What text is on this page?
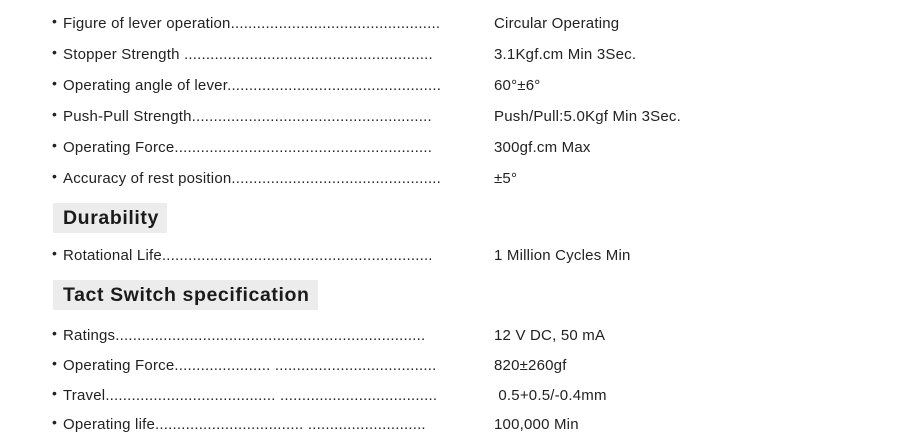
• Figure of lever operation................................................	Circular Operating
• Stopper Strength .........................................................	3.1Kgf.cm Min 3Sec.
• Operating angle of lever.................................................	60°±6°
• Push-Pull Strength.......................................................	Push/Pull:5.0Kgf Min 3Sec.
• Operating Force...........................................................	300gf.cm Max
• Accuracy of rest position................................................	±5°
Durability
• Rotational Life..............................................................	1 Million Cycles Min
Tact Switch specification
• Ratings.......................................................................	12 V DC, 50 mA
• Operating Force...................... .....................................	820±260gf
• Travel....................................... ....................................	0.5+0.5/-0.4mm
• Operating life.................................. ...........................	100,000 Min
